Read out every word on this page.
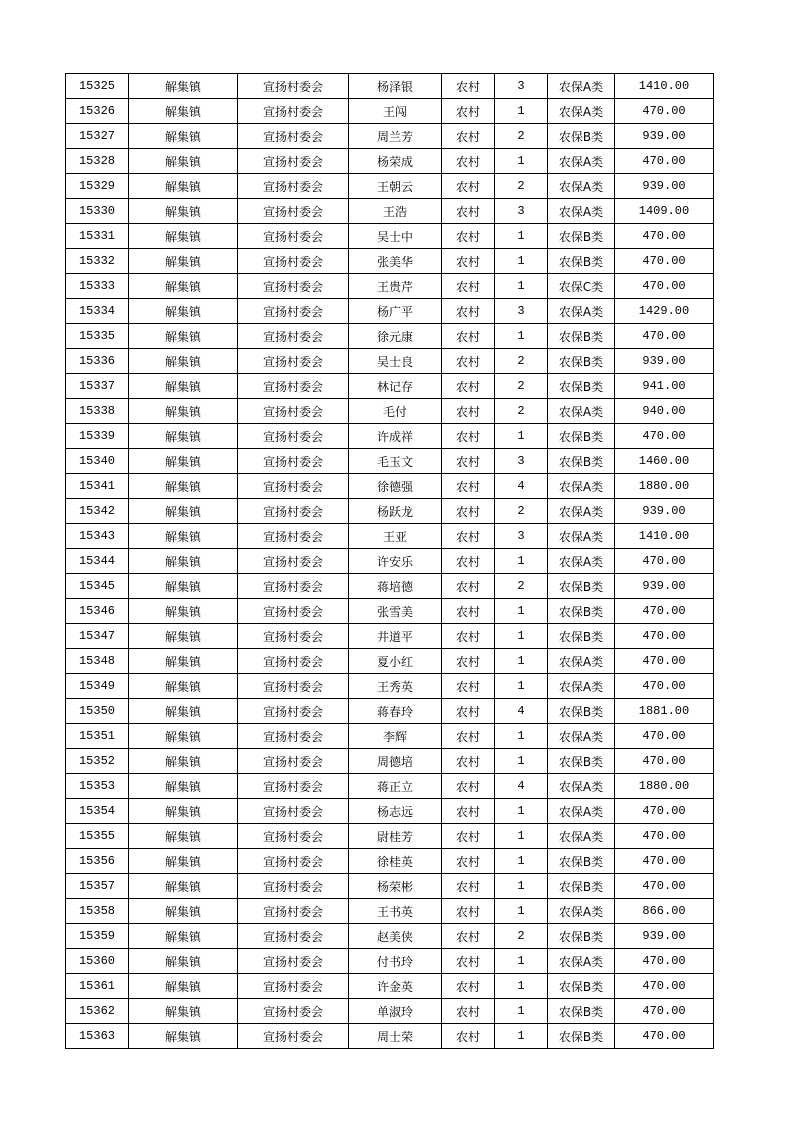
15325	解集镇	宣扬村委会	杨泽银	农村	3	农保A类	1410.00
15326	解集镇	宣扬村委会	王闯	农村	1	农保A类	470.00
15327	解集镇	宣扬村委会	周兰芳	农村	2	农保B类	939.00
15328	解集镇	宣扬村委会	杨荣成	农村	1	农保A类	470.00
15329	解集镇	宣扬村委会	王朝云	农村	2	农保A类	939.00
15330	解集镇	宣扬村委会	王浩	农村	3	农保A类	1409.00
15331	解集镇	宣扬村委会	吴士中	农村	1	农保B类	470.00
15332	解集镇	宣扬村委会	张美华	农村	1	农保B类	470.00
15333	解集镇	宣扬村委会	王贵芹	农村	1	农保C类	470.00
15334	解集镇	宣扬村委会	杨广平	农村	3	农保A类	1429.00
15335	解集镇	宣扬村委会	徐元康	农村	1	农保B类	470.00
15336	解集镇	宣扬村委会	吴士良	农村	2	农保B类	939.00
15337	解集镇	宣扬村委会	林记存	农村	2	农保B类	941.00
15338	解集镇	宣扬村委会	毛付	农村	2	农保A类	940.00
15339	解集镇	宣扬村委会	许成祥	农村	1	农保B类	470.00
15340	解集镇	宣扬村委会	毛玉文	农村	3	农保B类	1460.00
15341	解集镇	宣扬村委会	徐德强	农村	4	农保A类	1880.00
15342	解集镇	宣扬村委会	杨跃龙	农村	2	农保A类	939.00
15343	解集镇	宣扬村委会	王亚	农村	3	农保A类	1410.00
15344	解集镇	宣扬村委会	许安乐	农村	1	农保A类	470.00
15345	解集镇	宣扬村委会	蒋培德	农村	2	农保B类	939.00
15346	解集镇	宣扬村委会	张雪美	农村	1	农保B类	470.00
15347	解集镇	宣扬村委会	井道平	农村	1	农保B类	470.00
15348	解集镇	宣扬村委会	夏小红	农村	1	农保A类	470.00
15349	解集镇	宣扬村委会	王秀英	农村	1	农保A类	470.00
15350	解集镇	宣扬村委会	蒋春玲	农村	4	农保B类	1881.00
15351	解集镇	宣扬村委会	李辉	农村	1	农保A类	470.00
15352	解集镇	宣扬村委会	周德培	农村	1	农保B类	470.00
15353	解集镇	宣扬村委会	蒋正立	农村	4	农保A类	1880.00
15354	解集镇	宣扬村委会	杨志远	农村	1	农保A类	470.00
15355	解集镇	宣扬村委会	尉桂芳	农村	1	农保A类	470.00
15356	解集镇	宣扬村委会	徐桂英	农村	1	农保B类	470.00
15357	解集镇	宣扬村委会	杨荣彬	农村	1	农保B类	470.00
15358	解集镇	宣扬村委会	王书英	农村	1	农保A类	866.00
15359	解集镇	宣扬村委会	赵美侠	农村	2	农保B类	939.00
15360	解集镇	宣扬村委会	付书玲	农村	1	农保A类	470.00
15361	解集镇	宣扬村委会	许金英	农村	1	农保B类	470.00
15362	解集镇	宣扬村委会	单淑玲	农村	1	农保B类	470.00
15363	解集镇	宣扬村委会	周士荣	农村	1	农保B类	470.00
